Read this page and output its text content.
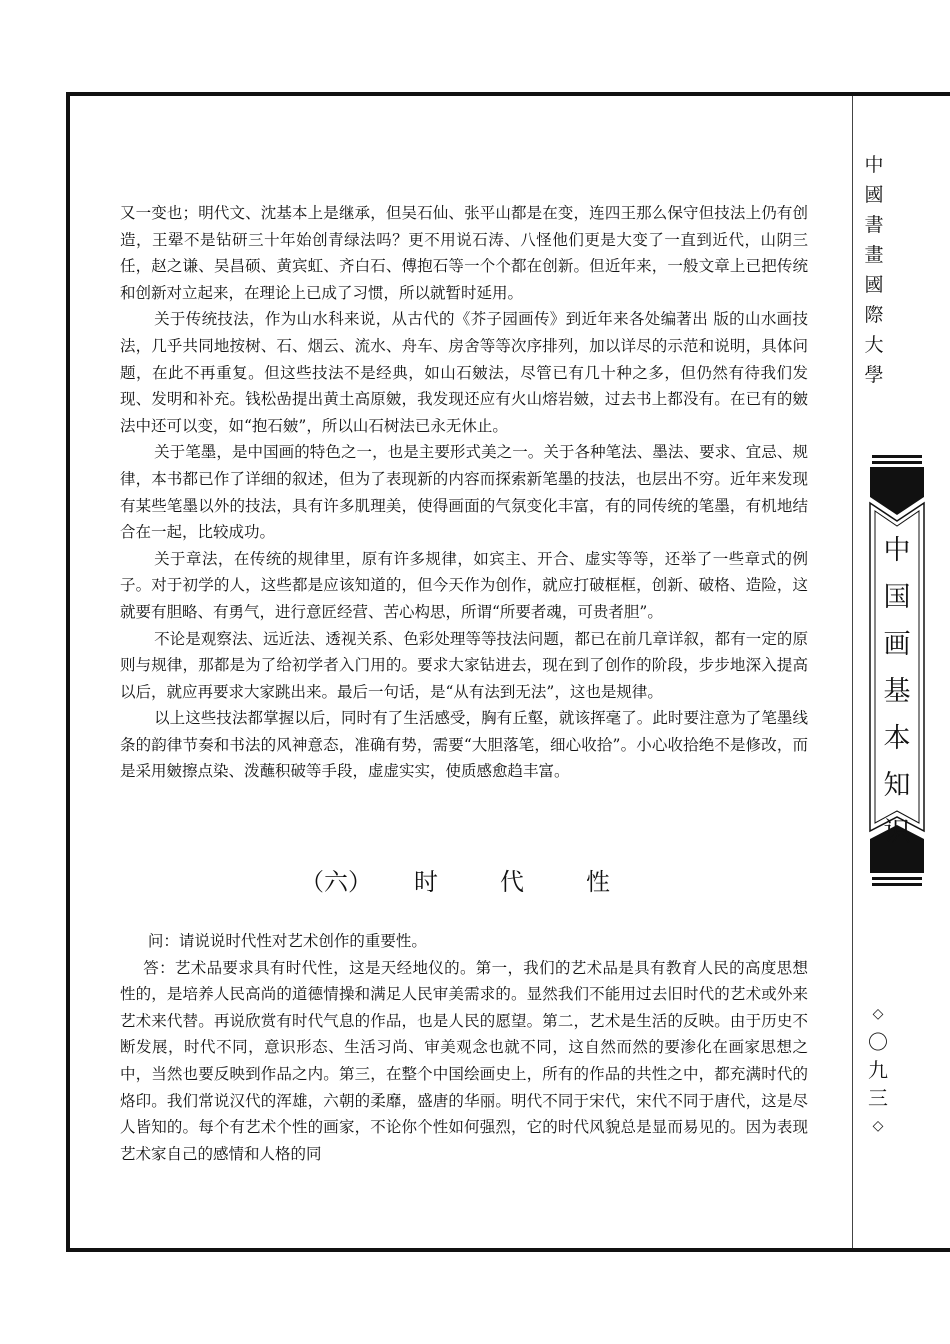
又一变也；明代文、沈基本上是继承，但吴石仙、张平山都是在变，连四王那么保守但技法上仍有创造，王翚不是钻研三十年始创青绿法吗？更不用说石涛、八怪他们更是大变了一直到近代，山阴三任，赵之谦、吴昌硕、黄宾虹、齐白石、傅抱石等一个个都在创新。但近年来，一般文章上已把传统和创新对立起来，在理论上已成了习惯，所以就暂时延用。

关于传统技法，作为山水科来说，从古代的《芥子园画传》到近年来各处编著出 版的山水画技法，几乎共同地按树、石、烟云、流水、舟车、房舍等等次序排列，加以详尽的示范和说明，具体问题，在此不再重复。但这些技法不是经典，如山石皴法，尽管已有几十种之多，但仍然有待我们发现、发明和补充。钱松嵒提出黄土高原皴，我发现还应有火山熔岩皴，过去书上都没有。在已有的皴法中还可以变，如“抱石皴”，所以山石树法已永无休止。

关于笔墨，是中国画的特色之一，也是主要形式美之一。关于各种笔法、墨法、要求、宜忌、规律，本书都已作了详细的叙述，但为了表现新的内容而探索新笔墨的技法，也层出不穷。近年来发现有某些笔墨以外的技法，具有许多肌理美，使得画面的气氛变化丰富，有的同传统的笔墨，有机地结合在一起，比较成功。

关于章法，在传统的规律里，原有许多规律，如宾主、开合、虚实等等，还举了一些章式的例子。对于初学的人，这些都是应该知道的，但今天作为创作，就应打破框框，创新、破格、造险，这就要有胆略、有勇气，进行意匠经营、苦心构思，所谓“所要者魂，可贵者胆”。

不论是观察法、远近法、透视关系、色彩处理等等技法问题，都已在前几章详叙，都有一定的原则与规律，那都是为了给初学者入门用的。要求大家钻进去，现在到了创作的阶段，步步地深入提高以后，就应再要求大家跳出来。最后一句话，是“从有法到无法”，这也是规律。

以上这些技法都掌握以后，同时有了生活感受，胸有丘壑，就该挥毫了。此时要注意为了笔墨线条的韵律节奏和书法的风神意态，准确有势，需要“大胆落笔，细心收拾”。小心收拾绝不是修改，而是采用皴擦点染、泼蘸积破等手段，虚虚实实，使质感愈趋丰富。

（六） 时	代	性

问：请说说时代性对艺术创作的重要性。

答：艺术品要求具有时代性，这是天经地仪的。第一，我们的艺术品是具有教育人民的高度思想性的，是培养人民高尚的道德情操和满足人民审美需求的。显然我们不能用过去旧时代的艺术或外来艺术来代替。再说欣赏有时代气息的作品，也是人民的愿望。第二，艺术是生活的反映。由于历史不断发展，时代不同，意识形态、生活习尚、审美观念也就不同，这自然而然的要渗化在画家思想之中，当然也要反映到作品之内。第三，在整个中国绘画史上，所有的作品的共性之中，都充满时代的烙印。我们常说汉代的浑雄，六朝的柔靡，盛唐的华丽。明代不同于宋代，宋代不同于唐代，这是尽人皆知的。每个有艺术个性的画家，不论你个性如何强烈，它的时代风貌总是显而易见的。因为表现艺术家自己的感情和人格的同

中
國
書
畫
國
際
大
學
中
国
画
基
本
知
识
◇
〇
九
三
◇
